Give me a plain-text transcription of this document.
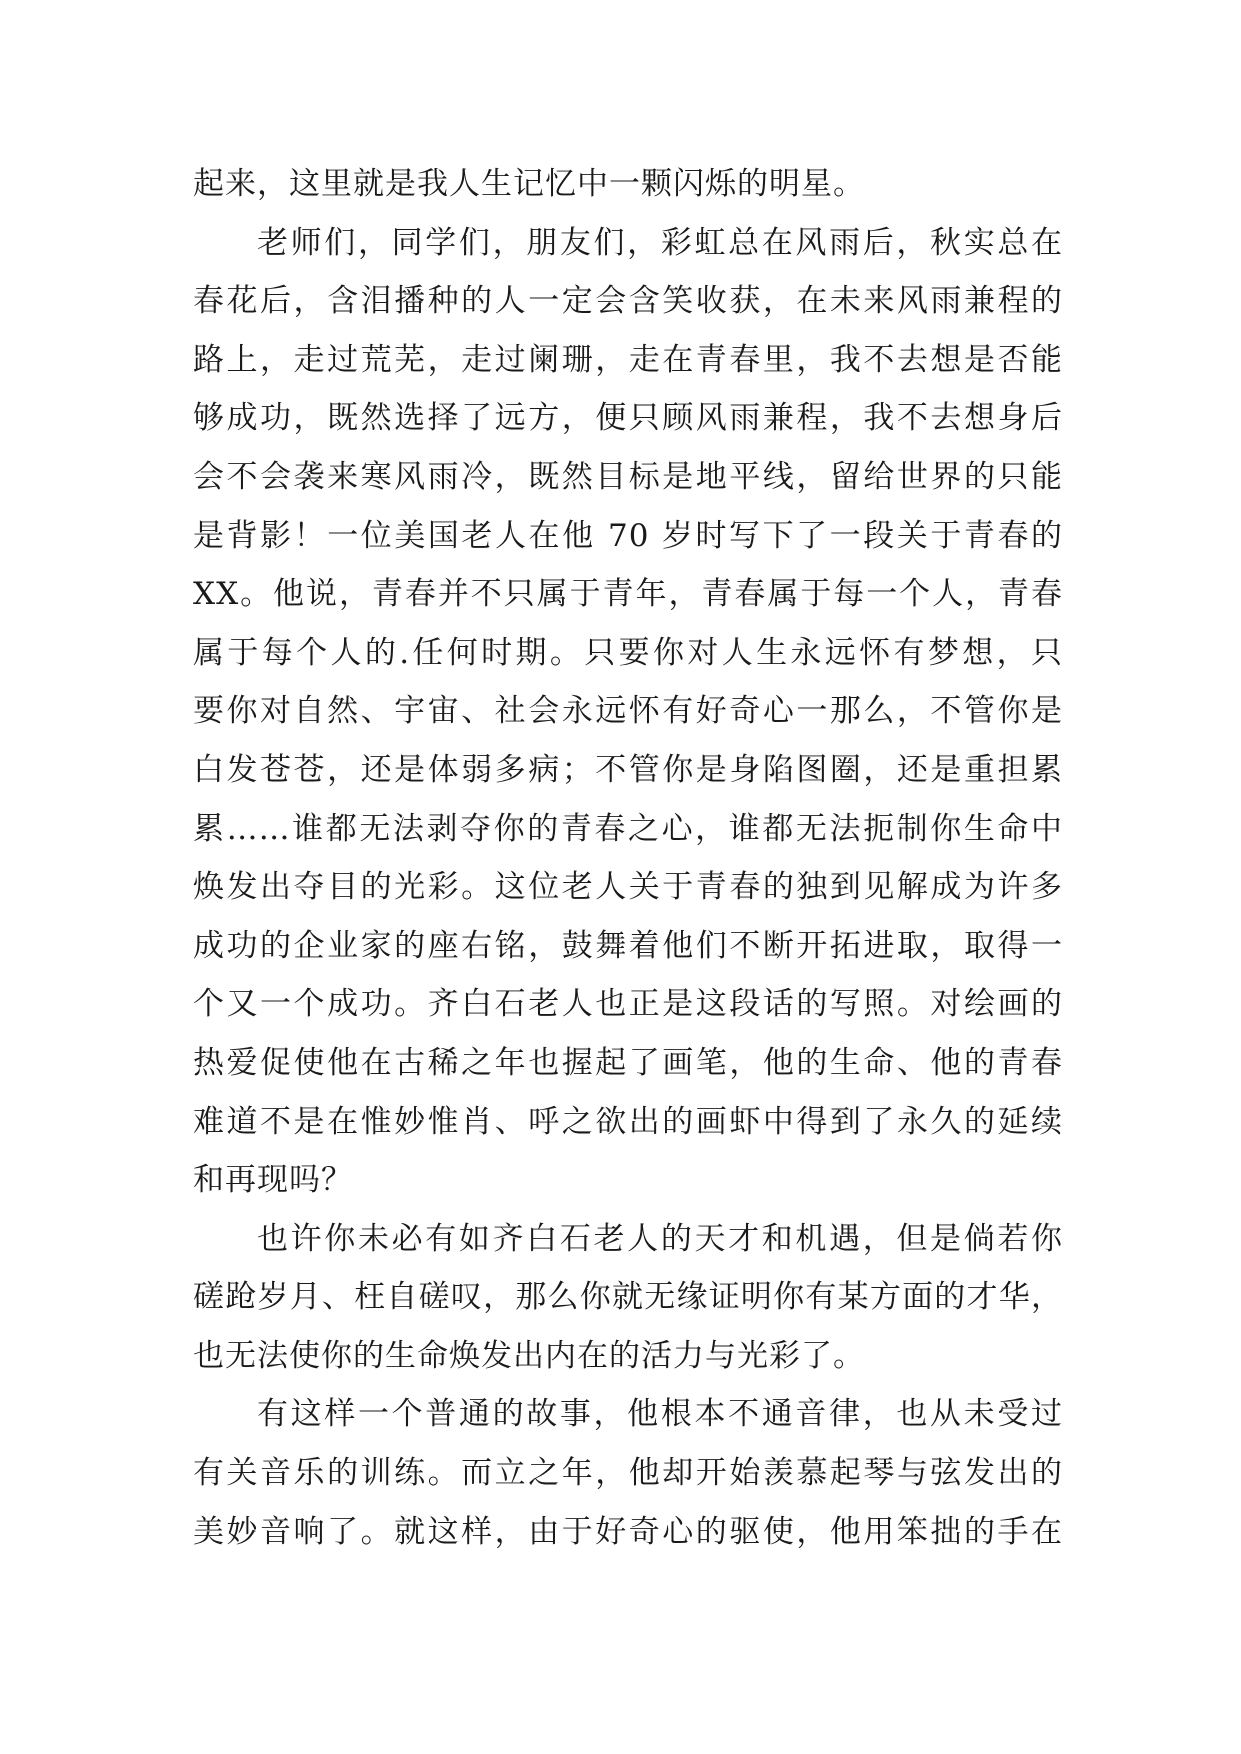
起来，这里就是我人生记忆中一颗闪烁的明星。
老师们，同学们，朋友们，彩虹总在风雨后，秋实总在
春花后，含泪播种的人一定会含笑收获，在未来风雨兼程的
路上，走过荒芜，走过阑珊，走在青春里，我不去想是否能
够成功，既然选择了远方，便只顾风雨兼程，我不去想身后
会不会袭来寒风雨冷，既然目标是地平线，留给世界的只能
是背影！一位美国老人在他 70 岁时写下了一段关于青春的
XX。他说，青春并不只属于青年，青春属于每一个人，青春
属于每个人的.任何时期。只要你对人生永远怀有梦想，只
要你对自然、宇宙、社会永远怀有好奇心一那么，不管你是
白发苍苍，还是体弱多病；不管你是身陷图圈，还是重担累
累……谁都无法剥夺你的青春之心，谁都无法扼制你生命中
焕发出夺目的光彩。这位老人关于青春的独到见解成为许多
成功的企业家的座右铭，鼓舞着他们不断开拓进取，取得一
个又一个成功。齐白石老人也正是这段话的写照。对绘画的
热爱促使他在古稀之年也握起了画笔，他的生命、他的青春
难道不是在惟妙惟肖、呼之欲出的画虾中得到了永久的延续
和再现吗？
也许你未必有如齐白石老人的天才和机遇，但是倘若你
磋跄岁月、枉自磋叹，那么你就无缘证明你有某方面的才华，
也无法使你的生命焕发出内在的活力与光彩了。
有这样一个普通的故事，他根本不通音律，也从未受过
有关音乐的训练。而立之年，他却开始羡慕起琴与弦发出的
美妙音响了。就这样，由于好奇心的驱使，他用笨拙的手在
